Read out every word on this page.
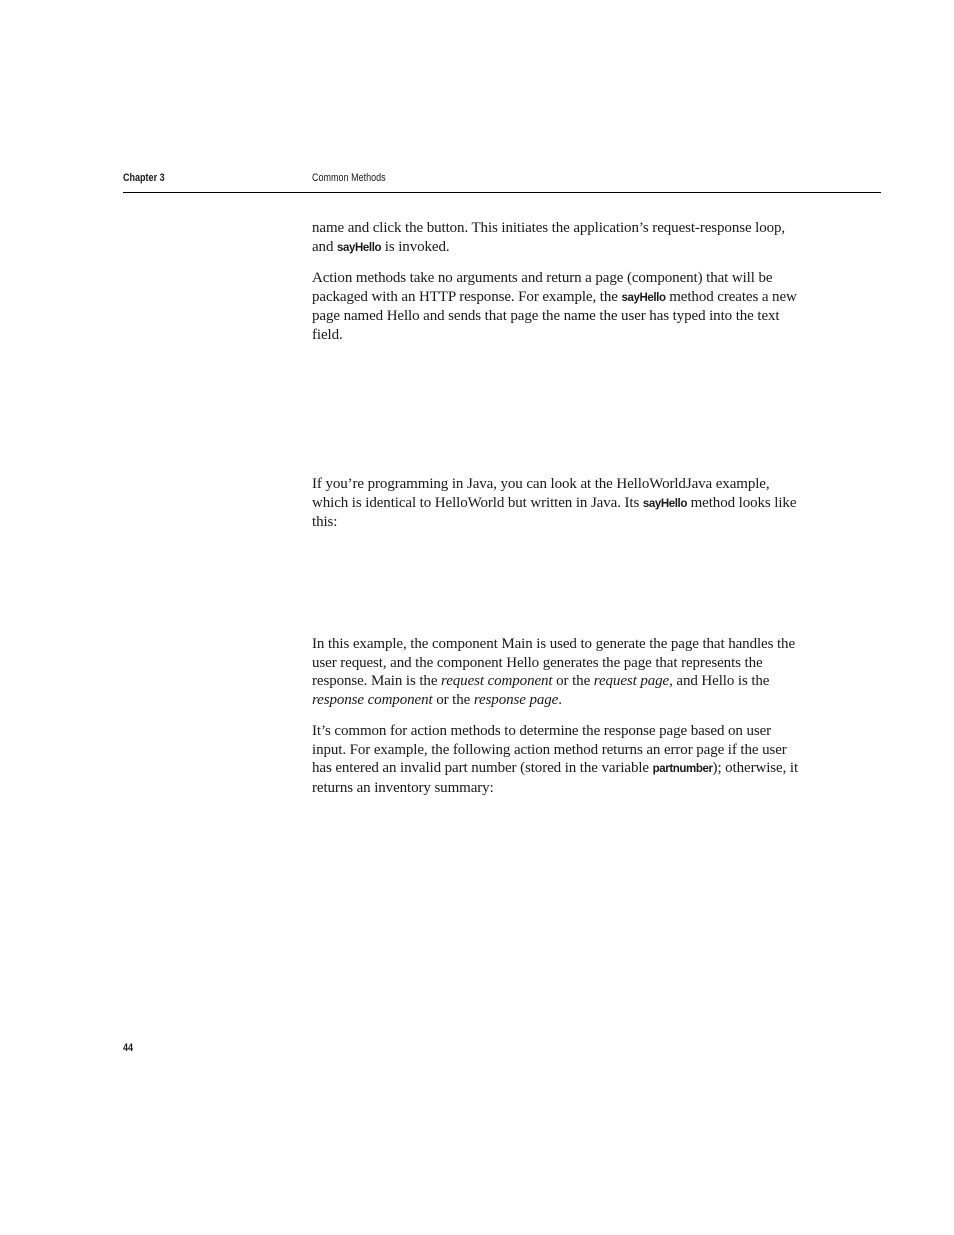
Chapter 3	Common Methods

name and click the button. This initiates the application’s request-response loop, and sayHello is invoked.

Action methods take no arguments and return a page (component) that will be packaged with an HTTP response. For example, the sayHello method creates a new page named Hello and sends that page the name the user has typed into the text field.

If you’re programming in Java, you can look at the HelloWorldJava example, which is identical to HelloWorld but written in Java. Its sayHello method looks like this:

In this example, the component Main is used to generate the page that handles the user request, and the component Hello generates the page that represents the response. Main is the request component or the request page, and Hello is the response component or the response page.

It’s common for action methods to determine the response page based on user input. For example, the following action method returns an error page if the user has entered an invalid part number (stored in the variable partnumber); otherwise, it returns an inventory summary:

44
